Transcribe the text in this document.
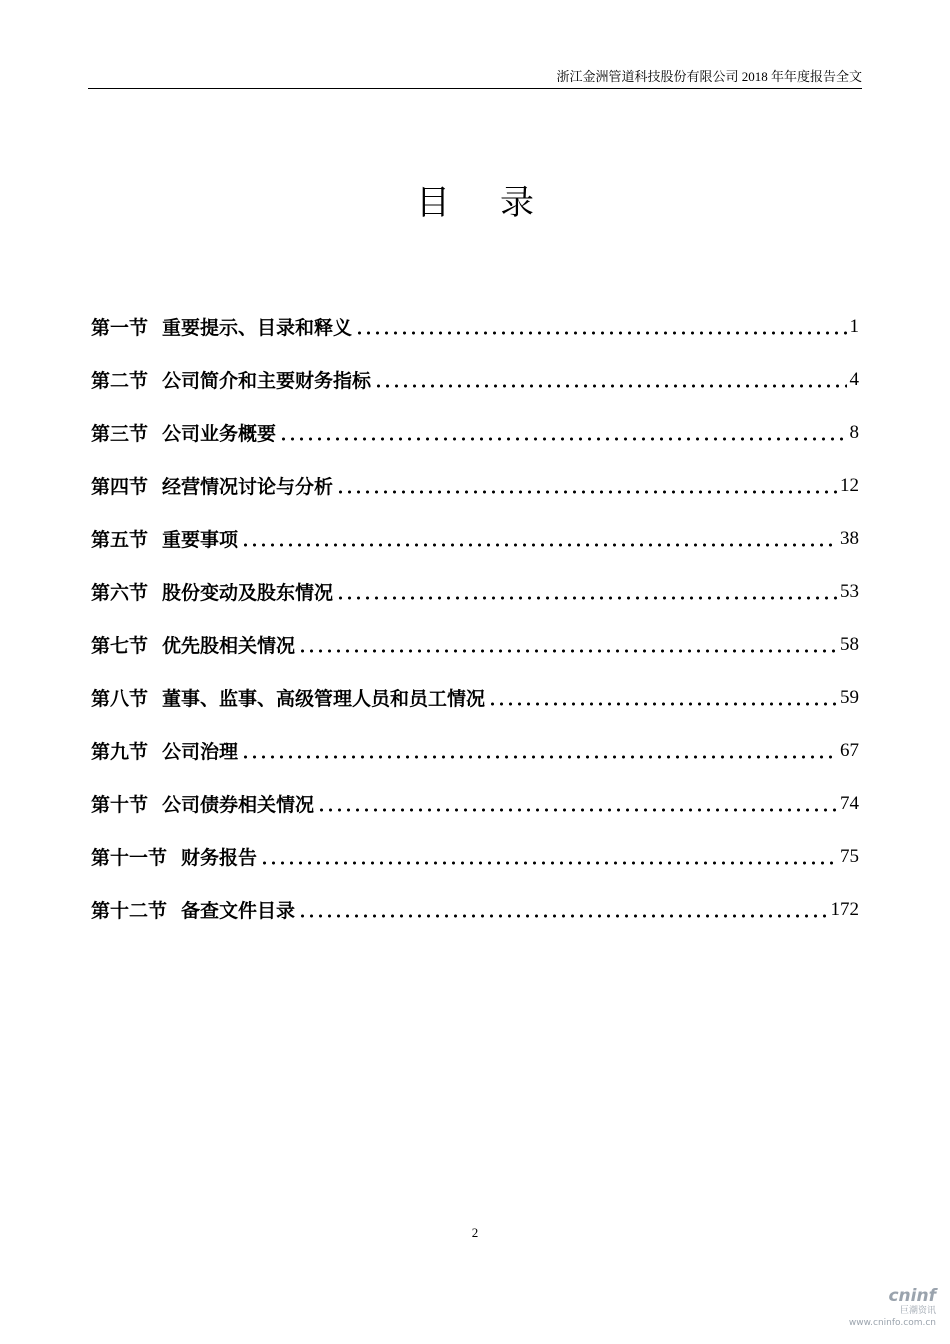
浙江金洲管道科技股份有限公司 2018 年年度报告全文
目录
第一节 重要提示、目录和释义	1
第二节 公司简介和主要财务指标	4
第三节 公司业务概要	8
第四节 经营情况讨论与分析	12
第五节 重要事项	38
第六节 股份变动及股东情况	53
第七节 优先股相关情况	58
第八节 董事、监事、高级管理人员和员工情况	59
第九节 公司治理	67
第十节 公司债券相关情况	74
第十一节 财务报告	75
第十二节 备查文件目录	172
2
cninf
巨潮资讯
www.cninfo.com.cn
